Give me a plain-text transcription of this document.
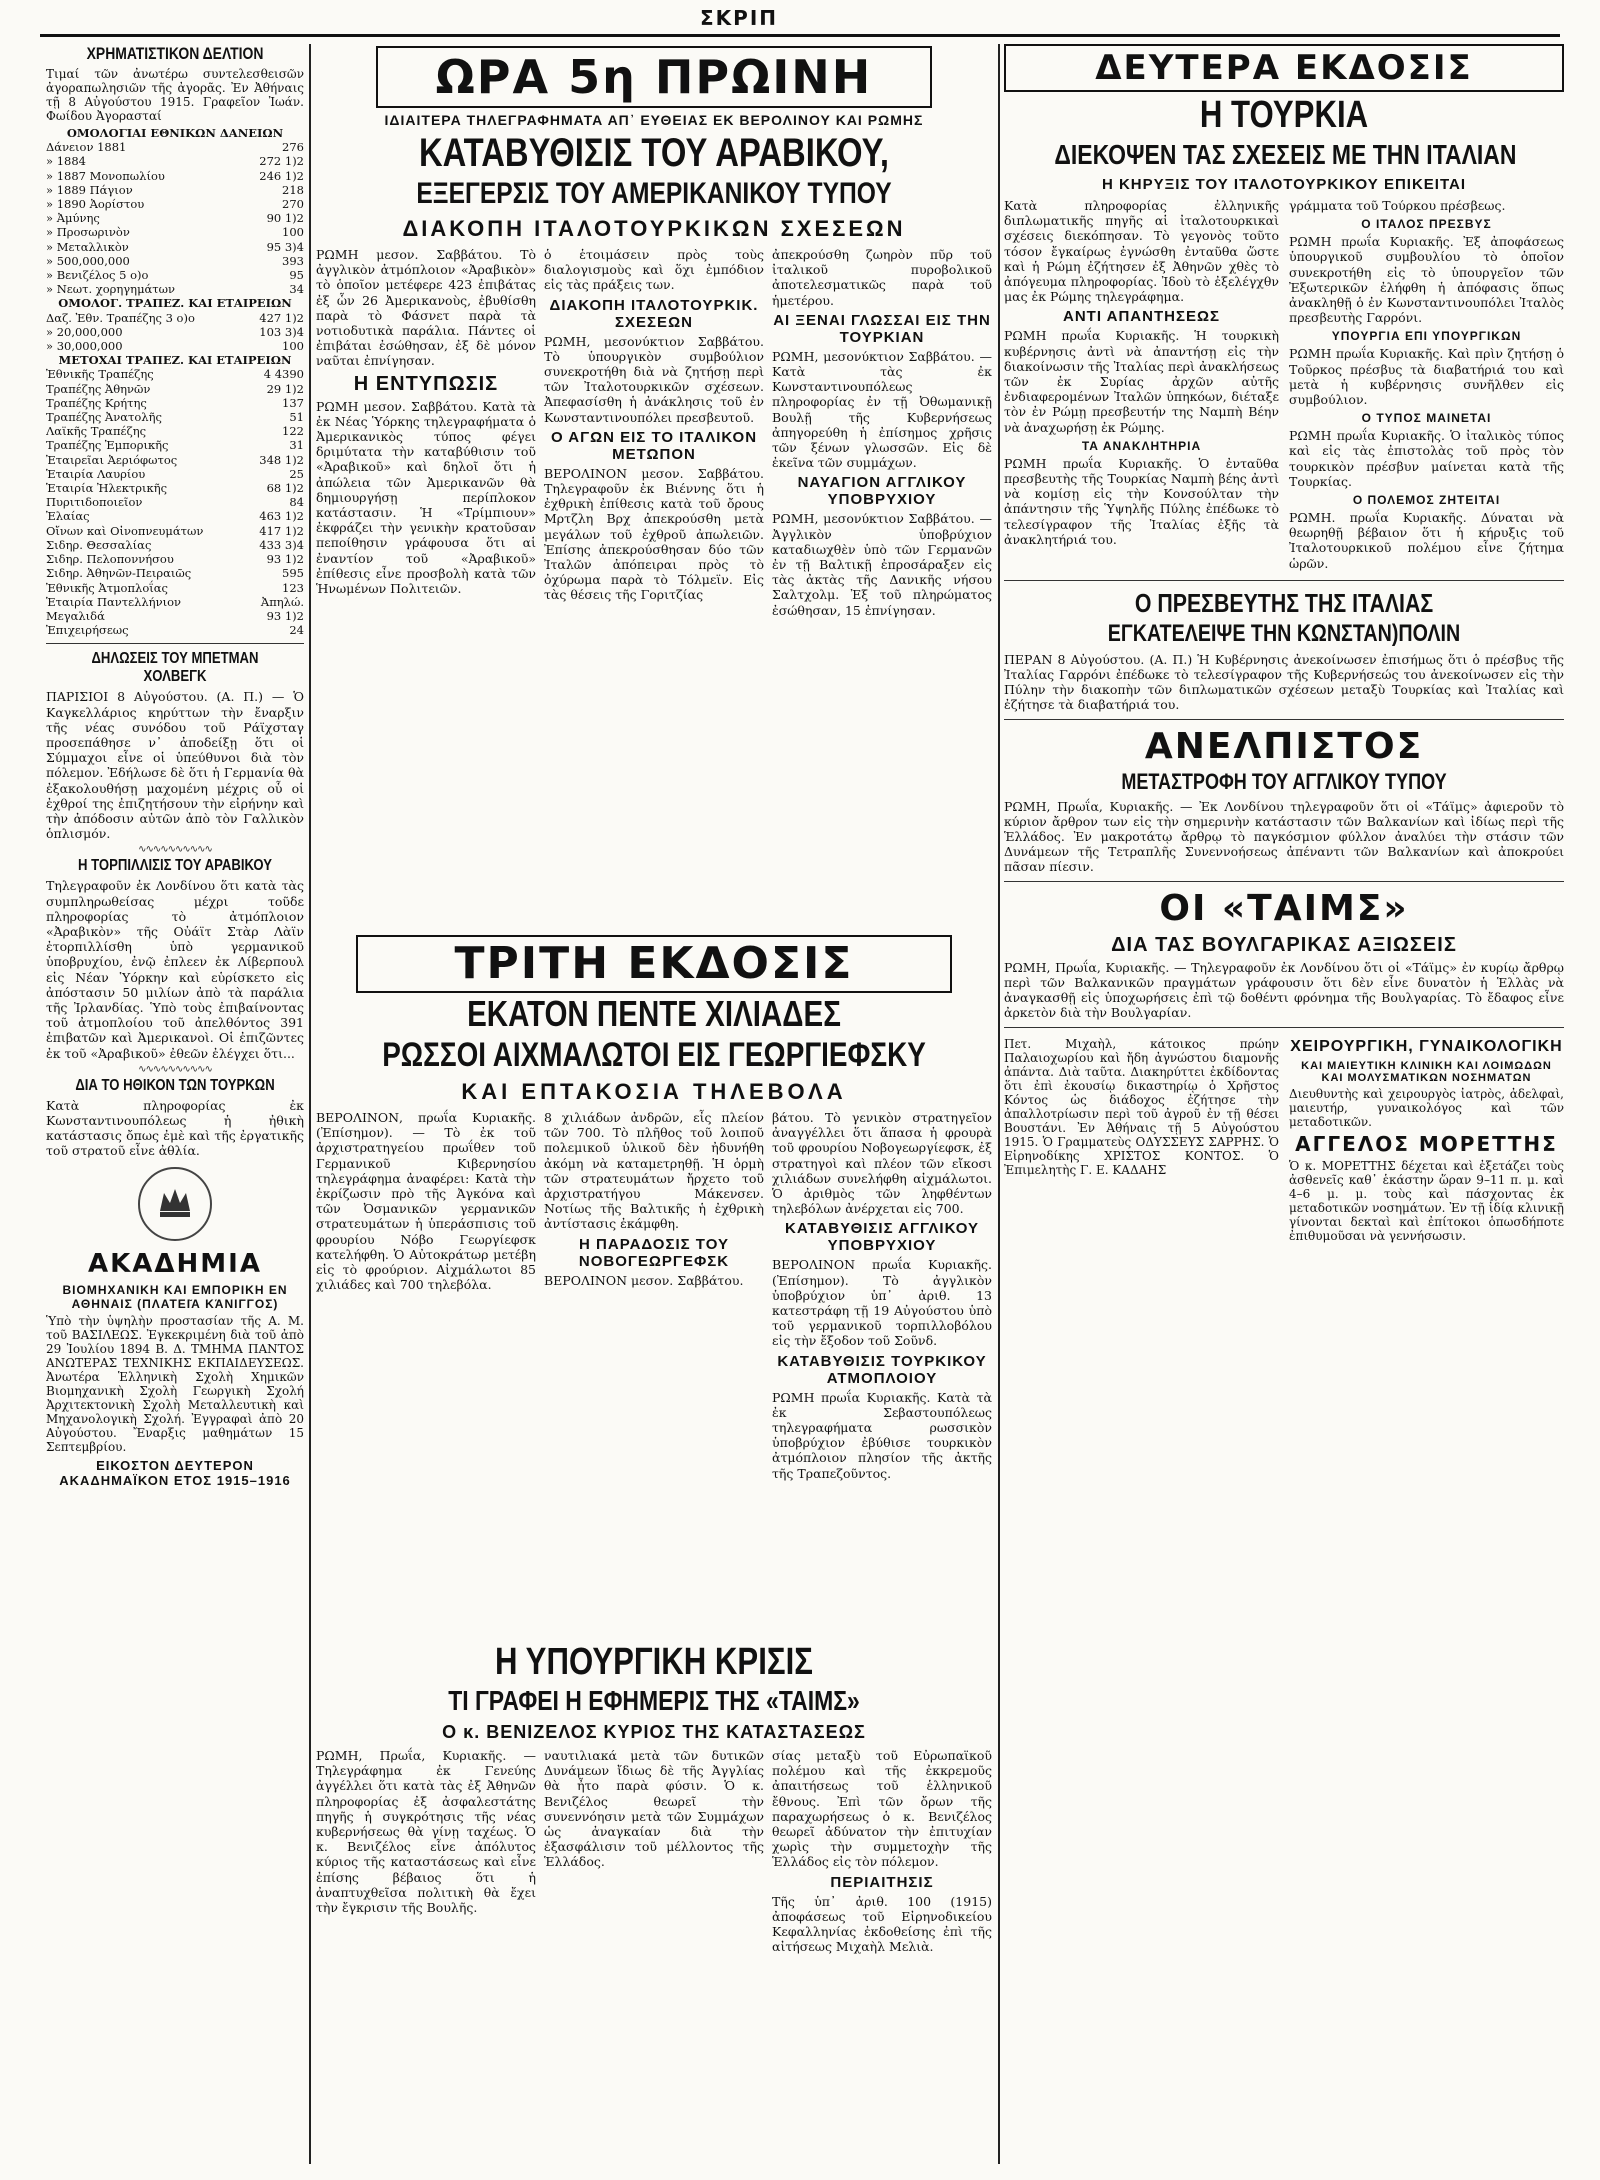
ΣΚΡΙΠ
ΧΡΗΜΑΤΙΣΤΙΚΟΝ ΔΕΛΤΙΟΝ
Τιμαί τῶν ἀνωτέρω συντελεσθεισῶν ἀγοραπωλησιῶν τῆς ἀγορᾶς. Ἐν Ἀθήναις τῇ 8 Αὐγούστου 1915. Γραφεῖον Ἰωάν. Φωίδου Ἀγορασταί
ΟΜΟΛΟΓΙΑΙ ΕΘΝΙΚΩΝ ΔΑΝΕΙΩΝ	
Δάνειον 1881	276
» 1884	272 1)2
» 1887 Μονοπωλίου	246 1)2
» 1889 Πάγιον	218
» 1890 Ἀορίστου	270
» Ἀμύνης	90 1)2
» Προσωρινὸν	100
» Μεταλλικὸν	95 3)4
» 500,000,000	393
» Βενιζέλος 5 ο)ο	95
» Νεωτ. χορηγημάτων	34
ΟΜΟΛΟΓ. ΤΡΑΠΕΖ. ΚΑΙ ΕΤΑΙΡΕΙΩΝ	
Δαζ. Ἐθν. Τραπέζης 3 ο)ο	427 1)2
» 20,000,000	103 3)4
» 30,000,000	100
ΜΕΤΟΧΑΙ ΤΡΑΠΕΖ. ΚΑΙ ΕΤΑΙΡΕΙΩΝ	
Ἐθνικῆς Τραπέζης	4 4390
Τραπέζης Ἀθηνῶν	29 1)2
Τραπέζης Κρήτης	137
Τραπέζης Ἀνατολῆς	51
Λαϊκῆς Τραπέζης	122
Τραπέζης Ἐμπορικῆς	31
Ἐταιρεῖαι Ἀεριόφωτος	348 1)2
Ἑταιρία Λαυρίου	25
Ἑταιρία Ἠλεκτρικῆς	68 1)2
Πυριτιδοποιεῖον	84
Ἐλαίας	463 1)2
Οἴνων καὶ Οἰνοπνευμάτων	417 1)2
Σιδηρ. Θεσσαλίας	433 3)4
Σιδηρ. Πελοποννήσου	93 1)2
Σιδηρ. Ἀθηνῶν-Πειραιῶς	595
Ἐθνικῆς Ἀτμοπλοΐας	123
Ἑταιρία Παντελλήνιον	Ἀπηλώ.
Μεγαλιδά	93 1)2
Ἐπιχειρήσεως	24
ΔΗΛΩΣΕΙΣ ΤΟΥ ΜΠΕΤΜΑΝ ΧΟΛΒΕΓΚ
ΠΑΡΙΣΙΟΙ 8 Αὐγούστου. (Α. Π.) — Ὁ Καγκελλάριος κηρύττων τὴν ἔναρξιν τῆς νέας συνόδου τοῦ Ράϊχσταγ προσεπάθησε ν᾽ ἀποδείξῃ ὅτι οἱ Σύμμαχοι εἶνε οἱ ὑπεύθυνοι διὰ τὸν πόλεμον. Ἐδήλωσε δὲ ὅτι ἡ Γερμανία θὰ ἐξακολουθήσῃ μαχομένη μέχρις οὗ οἱ ἐχθροί της ἐπιζητήσουν τὴν εἰρήνην καὶ τὴν ἀπόδοσιν αὐτῶν ἀπὸ τὸν Γαλλικὸν ὁπλισμόν.
∿∿∿∿∿∿∿∿∿∿
Η ΤΟΡΠΙΛΛΙΣΙΣ ΤΟΥ ΑΡΑΒΙΚΟΥ
Τηλεγραφοῦν ἐκ Λονδίνου ὅτι κατὰ τὰς συμπληρωθείσας μέχρι τοῦδε πληροφορίας τὸ ἀτμόπλοιον «Ἀραβικὸν» τῆς Οὐάϊτ Στὰρ Λὰϊν ἐτορπιλλίσθη ὑπὸ γερμανικοῦ ὑποβρυχίου, ἐνῷ ἐπλεεν ἐκ Λίβερπουλ εἰς Νέαν Ὑόρκην καὶ εὑρίσκετο εἰς ἀπόστασιν 50 μιλίων ἀπὸ τὰ παράλια τῆς Ἰρλανδίας. Ὑπὸ τοὺς ἐπιβαίνοντας τοῦ ἀτμοπλοίου τοῦ ἀπελθόντος 391 ἐπιβατῶν καὶ Ἀμερικανοὶ. Οἱ ἐπιζῶντες ἐκ τοῦ «Ἀραβικοῦ» ἐθεῶν ἐλέγχει ὅτι...
∿∿∿∿∿∿∿∿∿∿
ΔΙΑ ΤΟ ΗΘΙΚΟΝ ΤΩΝ ΤΟΥΡΚΩΝ
Κατὰ πληροφορίας ἐκ Κωνσταντινουπόλεως ἡ ἠθικὴ κατάστασις ὄπως ἐμὲ καὶ τῆς ἐργατικῆς τοῦ στρατοῦ εἶνε ἀθλία.
ΑΚΑΔΗΜΙΑ
ΒΙΟΜΗΧΑΝΙΚΗ ΚΑΙ ΕΜΠΟΡΙΚΗ ΕΝ ΑΘΗΝΑΙΣ (ΠΛΑΤΕΙ͂Α ΚΆΝΙΓΓΟΣ)
Ὑπὸ τὴν ὑψηλὴν προστασίαν τῆς Α. Μ. τοῦ ΒΑΣΙΛΕΩΣ. Ἐγκεκριμένη διὰ τοῦ ἀπὸ 29 Ἰουλίου 1894 Β. Δ. ΤΜΗΜΑ ΠΑΝΤΟΣ ΑΝΩΤΕΡΑΣ ΤΕΧΝΙΚΗΣ ΕΚΠΑΙΔΕΥΣΕΩΣ. Ἀνωτέρα Ἑλληνικὴ Σχολὴ Χημικῶν Βιομηχανικὴ Σχολὴ Γεωργικὴ Σχολή Ἀρχιτεκτονικὴ Σχολὴ Μεταλλευτικὴ καὶ Μηχανολογικὴ Σχολή. Ἐγγραφαὶ ἀπὸ 20 Αὐγούστου. Ἔναρξις μαθημάτων 15 Σεπτεμβρίου.
ΕΙΚΟΣΤΟΝ ΔΕΥΤΕΡΟΝ ΑΚΑΔΗΜΑΪΚΟΝ ΕΤΟΣ 1915–1916
ΩΡΑ 5η ΠΡΩΙΝΗ
ΙΔΙΑΙΤΕΡΑ ΤΗΛΕΓΡΑΦΗΜΑΤΑ ΑΠ᾽ ΕΥΘΕΙΑΣ ΕΚ ΒΕΡΟΛΙΝΟΥ ΚΑΙ ΡΩΜΗΣ
ΚΑΤΑΒΥΘΙΣΙΣ ΤΟΥ ΑΡΑΒΙΚΟΥ,
ΕΞΕΓΕΡΣΙΣ ΤΟΥ ΑΜΕΡΙΚΑΝΙΚΟΥ ΤΥΠΟΥ
ΔΙΑΚΟΠΗ ΙΤΑΛΟΤΟΥΡΚΙΚΩΝ ΣΧΕΣΕΩΝ
ΡΩΜΗ μεσον. Σαββάτου. Τὸ ἀγγλικὸν ἀτμόπλοιον «Ἀραβικὸν» τὸ ὁποῖον μετέφερε 423 ἐπιβάτας ἐξ ὧν 26 Ἀμερικανοὺς, ἐβυθίσθη παρὰ τὸ Φάσνετ παρὰ τὰ νοτιοδυτικὰ παράλια. Πάντες οἱ ἐπιβάται ἐσώθησαν, ἐξ δὲ μόνον ναῦται ἐπνίγησαν.
Η ΕΝΤΥΠΩΣΙΣ
ΡΩΜΗ μεσον. Σαββάτου. Κατὰ τὰ ἐκ Νέας Ὑόρκης τηλεγραφήματα ὁ Ἀμερικανικὸς τύπος φέγει δριμύτατα τὴν καταβύθισιν τοῦ «Ἀραβικοῦ» καὶ δηλοῖ ὅτι ἡ ἀπώλεια τῶν Ἀμερικανῶν θὰ δημιουργήσῃ περίπλοκον κατάστασιν. Ἡ «Τρίμπιουν» ἐκφράζει τὴν γενικὴν κρατοῦσαν πεποίθησιν γράφουσα ὅτι αἱ ἐναντίον τοῦ «Ἀραβικοῦ» ἐπίθεσις εἶνε προσβολὴ κατὰ τῶν Ἡνωμένων Πολιτειῶν.
ὁ ἑτοιμάσειν πρὸς τοὺς διαλογισμοὺς καὶ ὅχι ἐμπόδιον εἰς τὰς πράξεις των.
ΔΙΑΚΟΠΗ ΙΤΑΛΟΤΟΥΡΚΙΚ. ΣΧΕΣΕΩΝ
ΡΩΜΗ, μεσονύκτιον Σαββάτου. Τὸ ὑπουργικὸν συμβούλιον συνεκροτήθη διὰ νὰ ζητήσῃ περὶ τῶν Ἰταλοτουρκικῶν σχέσεων. Ἀπεφασίσθη ἡ ἀνάκλησις τοῦ ἐν Κωνσταντινουπόλει πρεσβευτοῦ.
Ο ΑΓΩΝ ΕΙΣ ΤΟ ΙΤΑΛΙΚΟΝ ΜΕΤΩΠΟΝ
ΒΕΡΟΛΙΝΟΝ μεσον. Σαββάτου. Τηλεγραφοῦν ἐκ Βιέννης ὅτι ἡ ἐχθρικὴ ἐπίθεσις κατὰ τοῦ ὄρους Μρτζλη Βρχ ἀπεκρούσθη μετὰ μεγάλων τοῦ ἐχθροῦ ἀπωλειῶν. Ἐπίσης ἀπεκρούσθησαν δύο τῶν Ἰταλῶν ἀπόπειραι πρὸς τὸ ὀχύρωμα παρὰ τὸ Τόλμεϊν. Εἰς τὰς θέσεις τῆς Γοριτζίας
ἀπεκρούσθη ζωηρὸν πῦρ τοῦ ἰταλικοῦ πυροβολικοῦ ἀποτελεσματικῶς παρὰ τοῦ ἡμετέρου.
ΑΙ ΞΕΝΑΙ ΓΛΩΣΣΑΙ ΕΙΣ ΤΗΝ ΤΟΥΡΚΙΑΝ
ΡΩΜΗ, μεσονύκτιον Σαββάτου. — Κατὰ τὰς ἐκ Κωνσταντινουπόλεως πληροφορίας ἐν τῇ Ὀθωμανικῇ Βουλῇ τῆς Κυβερνήσεως ἀπηγορεύθη ἡ ἐπίσημος χρῆσις τῶν ξένων γλωσσῶν. Εἰς δὲ ἐκεῖνα τῶν συμμάχων.
ΝΑΥΑΓΙΟΝ ΑΓΓΛΙΚΟΥ ΥΠΟΒΡΥΧΙΟΥ
ΡΩΜΗ, μεσονύκτιον Σαββάτου. — Ἀγγλικὸν ὑποβρύχιον καταδιωχθὲν ὑπὸ τῶν Γερμανῶν ἐν τῇ Βαλτικῇ ἐπροσάραξεν εἰς τὰς ἀκτὰς τῆς Δανικῆς νήσου Σαλτχολμ. Ἐξ τοῦ πληρώματος ἐσώθησαν, 15 ἐπνίγησαν.
ΤΡΙΤΗ ΕΚΔΟΣΙΣ
ΕΚΑΤΟΝ ΠΕΝΤΕ ΧΙΛΙΑΔΕΣ
ΡΩΣΣΟΙ ΑΙΧΜΑΛΩΤΟΙ ΕΙΣ ΓΕΩΡΓΙΕΦΣΚΥ
ΚΑΙ ΕΠΤΑΚΟΣΙΑ ΤΗΛΕΒΟΛΑ
ΒΕΡΟΛΙΝΟΝ, πρωΐα Κυριακῆς. (Ἐπίσημον). — Τὸ ἐκ τοῦ ἀρχιστρατηγείου πρωΐθεν τοῦ Γερμανικοῦ Κιβερνησίου τηλεγράφημα ἀναφέρει: Κατὰ τὴν ἐκρίζωσιν πρὸ τῆς Ἀγκόνα καὶ τῶν Ὀσμανικῶν γερμανικῶν στρατευμάτων ἡ ὑπεράσπισις τοῦ φρουρίου Νόβο Γεωργίεφσκ κατελήφθη. Ὁ Αὐτοκράτωρ μετέβη εἰς τὸ φρούριον. Αἰχμάλωτοι 85 χιλιάδες καὶ 700 τηλεβόλα.
8 χιλιάδων ἀνδρῶν, εἶς πλείον τῶν 700. Τὸ πλῆθος τοῦ λοιποῦ πολεμικοῦ ὑλικοῦ δὲν ἠδυνήθη ἀκόμη νὰ καταμετρηθῇ. Ἡ ὁρμὴ τῶν στρατευμάτων ἤρχετο τοῦ ἀρχιστρατήγου Μάκενσεν. Νοτίως τῆς Βαλτικῆς ἡ ἐχθρικὴ ἀντίστασις ἐκάμφθη.
Η ΠΑΡΑΔΟΣΙΣ ΤΟΥ ΝΟΒΟΓΕΩΡΓΕΦΣΚ
ΒΕΡΟΛΙΝΟΝ μεσον. Σαββάτου.
βάτου. Τὸ γενικὸν στρατηγεῖον ἀναγγέλλει ὅτι ἅπασα ἡ φρουρὰ τοῦ φρουρίου Νοβογεωργίεφσκ, ἐξ στρατηγοὶ καὶ πλέον τῶν εἴκοσι χιλιάδων συνελήφθη αἰχμάλωτοι. Ὁ ἀριθμὸς τῶν ληφθέντων τηλεβόλων ἀνέρχεται εἰς 700.
ΚΑΤΑΒΥΘΙΣΙΣ ΑΓΓΛΙΚΟΥ ΥΠΟΒΡΥΧΙΟΥ
ΒΕΡΟΛΙΝΟΝ πρωΐα Κυριακῆς. (Ἐπίσημον). Τὸ ἀγγλικὸν ὑποβρύχιον ὑπ᾽ ἀριθ. 13 κατεστράφη τῇ 19 Αὐγούστου ὑπὸ τοῦ γερμανικοῦ τορπιλλοβόλου εἰς τὴν ἔξοδον τοῦ Σοῦνδ.
ΚΑΤΑΒΥΘΙΣΙΣ ΤΟΥΡΚΙΚΟΥ ΑΤΜΟΠΛΟΙΟΥ
ΡΩΜΗ πρωΐα Κυριακῆς. Κατὰ τὰ ἐκ Σεβαστουπόλεως τηλεγραφήματα ρωσσικὸν ὑποβρύχιον ἐβύθισε τουρκικὸν ἀτμόπλοιον πλησίον τῆς ἀκτῆς τῆς Τραπεζοῦντος.
Η ΥΠΟΥΡΓΙΚΗ ΚΡΙΣΙΣ
ΤΙ ΓΡΑΦΕΙ Η ΕΦΗΜΕΡΙΣ ΤΗΣ «ΤΑΙΜΣ»
Ο κ. ΒΕΝΙΖΕΛΟΣ ΚΥΡΙΟΣ ΤΗΣ ΚΑΤΑΣΤΑΣΕΩΣ
ΡΩΜΗ, Πρωΐα, Κυριακῆς. — Τηλεγράφημα ἐκ Γενεύης ἀγγέλλει ὅτι κατὰ τὰς ἐξ Ἀθηνῶν πληροφορίας ἐξ ἀσφαλεστάτης πηγῆς ἡ συγκρότησις τῆς νέας κυβερνήσεως θὰ γίνῃ ταχέως. Ὁ κ. Βενιζέλος εἶνε ἀπόλυτος κύριος τῆς καταστάσεως καὶ εἶνε ἐπίσης βέβαιος ὅτι ἡ ἀναπτυχθεῖσα πολιτικὴ θὰ ἔχει τὴν ἔγκρισιν τῆς Βουλῆς.
ναυτιλιακά μετὰ τῶν δυτικῶν Δυνάμεων ἴδιως δὲ τῆς Ἀγγλίας θὰ ἦτο παρὰ φύσιν. Ὁ κ. Βενιζέλος θεωρεῖ τὴν συνεννόησιν μετὰ τῶν Συμμάχων ὡς ἀναγκαίαν διὰ τὴν ἐξασφάλισιν τοῦ μέλλοντος τῆς Ἑλλάδος.
σίας μεταξὺ τοῦ Εὐρωπαϊκοῦ πολέμου καὶ τῆς ἐκκρεμοῦς ἀπαιτήσεως τοῦ ἑλληνικοῦ ἔθνους. Ἐπὶ τῶν ὄρων τῆς παραχωρήσεως ὁ κ. Βενιζέλος θεωρεῖ ἀδύνατον τὴν ἐπιτυχίαν χωρὶς τὴν συμμετοχὴν τῆς Ἑλλάδος εἰς τὸν πόλεμον.
ΠΕΡΙΑΙΤΗΣΙΣ
Τῆς ὑπ᾽ ἀριθ. 100 (1915) ἀποφάσεως τοῦ Εἰρηνοδικείου Κεφαλληνίας ἐκδοθείσης ἐπὶ τῆς αἰτήσεως Μιχαὴλ Μελιὰ.
ΔΕΥΤΕΡΑ ΕΚΔΟΣΙΣ
Η ΤΟΥΡΚΙΑ
ΔΙΕΚΟΨΕΝ ΤΑΣ ΣΧΕΣΕΙΣ ΜΕ ΤΗΝ ΙΤΑΛΙΑΝ
Η ΚΗΡΥΞΙΣ ΤΟΥ ΙΤΑΛΟΤΟΥΡΚΙΚΟΥ ΕΠΙΚΕΙΤΑΙ
Κατὰ πληροφορίας ἐλληνικῆς διπλωματικῆς πηγῆς αἱ ἰταλοτουρκικαὶ σχέσεις διεκόπησαν. Τὸ γεγονὸς τοῦτο τόσον ἔγκαίρως ἐγνώσθη ἐνταῦθα ὥστε καὶ ἡ Ρώμη ἐζήτησεν ἐξ Ἀθηνῶν χθὲς τὸ ἀπόγευμα πληροφορίας. Ἰδοὺ τὸ ἐξελέγχθν μας ἐκ Ρώμης τηλεγράφημα.
ΑΝΤΙ ΑΠΑΝΤΗΣΕΩΣ
ΡΩΜΗ πρωΐα Κυριακῆς. Ἡ τουρκικὴ κυβέρνησις ἀντὶ νὰ ἀπαντήσῃ εἰς τὴν διακοίνωσιν τῆς Ἰταλίας περὶ ἀνακλήσεως τῶν ἐκ Συρίας ἀρχῶν αὐτῆς ἐνδιαφερομένων Ἰταλῶν ὑπηκόων, διέταξε τὸν ἐν Ρώμῃ πρεσβευτήν της Ναμπὴ Βέην νὰ ἀναχωρήσῃ ἐκ Ρώμης.
ΤΑ ΑΝΑΚΛΗΤΗΡΙΑ
ΡΩΜΗ πρωΐα Κυριακῆς. Ὁ ἐνταῦθα πρεσβευτὴς τῆς Τουρκίας Ναμπὴ βέης ἀντὶ νὰ κομίσῃ εἰς τὴν Κονσούλταν τὴν ἀπάντησιν τῆς Ὑψηλῆς Πύλης ἐπέδωκε τὸ τελεσίγραφον τῆς Ἰταλίας ἐξῆς τὰ ἀνακλητήριά του.
γράμματα τοῦ Τούρκου πρέσβεως.
Ο ΙΤΑΛΟΣ ΠΡΕΣΒΥΣ
ΡΩΜΗ πρωΐα Κυριακῆς. Ἐξ ἀποφάσεως ὑπουργικοῦ συμβουλίου τὸ ὁποῖον συνεκροτήθη εἰς τὸ ὑπουργεῖον τῶν Ἐξωτερικῶν ἐλήφθη ἡ ἀπόφασις ὅπως ἀνακληθῇ ὁ ἐν Κωνσταντινουπόλει Ἰταλὸς πρεσβευτὴς Γαρρόνι.
ΥΠΟΥΡΓΙΑ ΕΠΙ ΥΠΟΥΡΓΙΚΩΝ
ΡΩΜΗ πρωΐα Κυριακῆς. Καὶ πρὶν ζητήσῃ ὁ Τοῦρκος πρέσβυς τὰ διαβατήριά του καὶ μετὰ ἡ κυβέρνησις συνῆλθεν εἰς συμβούλιον.
Ο ΤΥΠΟΣ ΜΑΙΝΕΤΑΙ
ΡΩΜΗ πρωΐα Κυριακῆς. Ὁ ἰταλικὸς τύπος καὶ εἰς τὰς ἐπιστολὰς τοῦ πρὸς τὸν τουρκικὸν πρέσβυν μαίνεται κατὰ τῆς Τουρκίας.
Ο ΠΟΛΕΜΟΣ ΖΗΤΕΙΤΑΙ
ΡΩΜΗ. πρωΐα Κυριακῆς. Δύναται νὰ θεωρηθῇ βέβαιον ὅτι ἡ κήρυξις τοῦ Ἰταλοτουρκικοῦ πολέμου εἶνε ζήτημα ὡρῶν.
Ο ΠΡΕΣΒΕΥΤΗΣ ΤΗΣ ΙΤΑΛΙΑΣ
ΕΓΚΑΤΕΛΕΙΨΕ ΤΗΝ ΚΩΝΣΤΑΝ)ΠΟΛΙΝ
ΠΕΡΑΝ 8 Αὐγούστου. (Α. Π.) Ἡ Κυβέρνησις ἀνεκοίνωσεν ἐπισήμως ὅτι ὁ πρέσβυς τῆς Ἰταλίας Γαρρόνι ἐπέδωκε τὸ τελεσίγραφον τῆς Κυβερνήσεώς του ἀνεκοίνωσεν εἰς τὴν Πύλην τὴν διακοπὴν τῶν διπλωματικῶν σχέσεων μεταξὺ Τουρκίας καὶ Ἰταλίας καὶ ἐζήτησε τὰ διαβατήριά του.
ΑΝΕΛΠΙΣΤΟΣ
ΜΕΤΑΣΤΡΟΦΗ ΤΟΥ ΑΓΓΛΙΚΟΥ ΤΥΠΟΥ
ΡΩΜΗ, Πρωΐα, Κυριακῆς. — Ἐκ Λονδίνου τηλεγραφοῦν ὅτι οἱ «Τάϊμς» ἀφιεροῦν τὸ κύριον ἄρθρον των εἰς τὴν σημερινὴν κατάστασιν τῶν Βαλκανίων καὶ ἰδίως περὶ τῆς Ἑλλάδος. Ἐν μακροτάτῳ ἄρθρῳ τὸ παγκόσμιον φύλλον ἀναλύει τὴν στάσιν τῶν Δυνάμεων τῆς Τετραπλῆς Συνεννοήσεως ἀπέναντι τῶν Βαλκανίων καὶ ἀποκρούει πᾶσαν πίεσιν.
ΟΙ «ΤΑΙΜΣ»
ΔΙΑ ΤΑΣ ΒΟΥΛΓΑΡΙΚΑΣ ΑΞΙΩΣΕΙΣ
ΡΩΜΗ, Πρωΐα, Κυριακῆς. — Τηλεγραφοῦν ἐκ Λονδίνου ὅτι οἱ «Τάϊμς» ἐν κυρίῳ ἄρθρῳ περὶ τῶν Βαλκανικῶν πραγμάτων γράφουσιν ὅτι δὲν εἶνε δυνατὸν ἡ Ἑλλὰς νὰ ἀναγκασθῇ εἰς ὑποχωρήσεις ἐπὶ τῷ δοθέντι φρόνημα τῆς Βουλγαρίας. Τὸ ἔδαφος εἶνε ἀρκετὸν διὰ τὴν Βουλγαρίαν.
Πετ. Μιχαὴλ, κάτοικος πρώην Παλαιοχωρίου καὶ ἤδη ἀγνώστου διαμονῆς ἀπάντα. Διὰ ταῦτα. Διακηρύττει ἐκδίδοντας ὅτι ἐπὶ ἐκουσίῳ δικαστηρίῳ ὁ Χρῆστος Κόντος ὡς διάδοχος ἐζήτησε τὴν ἀπαλλοτρίωσιν περὶ τοῦ ἀγροῦ ἐν τῇ θέσει Βουστάνι. Ἐν Ἀθήναις τῇ 5 Αὐγούστου 1915. Ὁ Γραμματεὺς ΟΔΥΣΣΕΥΣ ΣΑΡΡΗΣ. Ὁ Εἰρηνοδίκης ΧΡΙΣΤΟΣ ΚΟΝΤΟΣ. Ὁ Ἐπιμελητὴς Γ. Ε. ΚΑΔΑΗΣ
ΧΕΙΡΟΥΡΓΙΚΗ, ΓΥΝΑΙΚΟΛΟΓΙΚΗ
ΚΑΙ ΜΑΙΕΥΤΙΚΗ ΚΛΙΝΙΚΗ ΚΑΙ ΛΟΙΜΩΔΩΝ ΚΑΙ ΜΟΛΥΣΜΑΤΙΚΩΝ ΝΟΣΗΜΑΤΩΝ
Διευθυντὴς καὶ χειρουργὸς ἰατρὸς, ἀδελφαὶ, μαιευτήρ, γυναικολόγος καὶ τῶν μεταδοτικῶν.
ΑΓΓΕΛΟΣ ΜΟΡΕΤΤΗΣ
Ὁ κ. ΜΟΡΕΤΤΗΣ δέχεται καὶ ἐξετάζει τοὺς ἀσθενεῖς καθ᾽ ἑκάστην ὥραν 9–11 π. μ. καὶ 4–6 μ. μ. τοὺς καὶ πάσχοντας ἐκ μεταδοτικῶν νοσημάτων. Ἐν τῇ ἰδίᾳ κλινικῇ γίνονται δεκταὶ καὶ ἐπίτοκοι ὁπωσδήποτε ἐπιθυμοῦσαι νὰ γεννήσωσιν.
